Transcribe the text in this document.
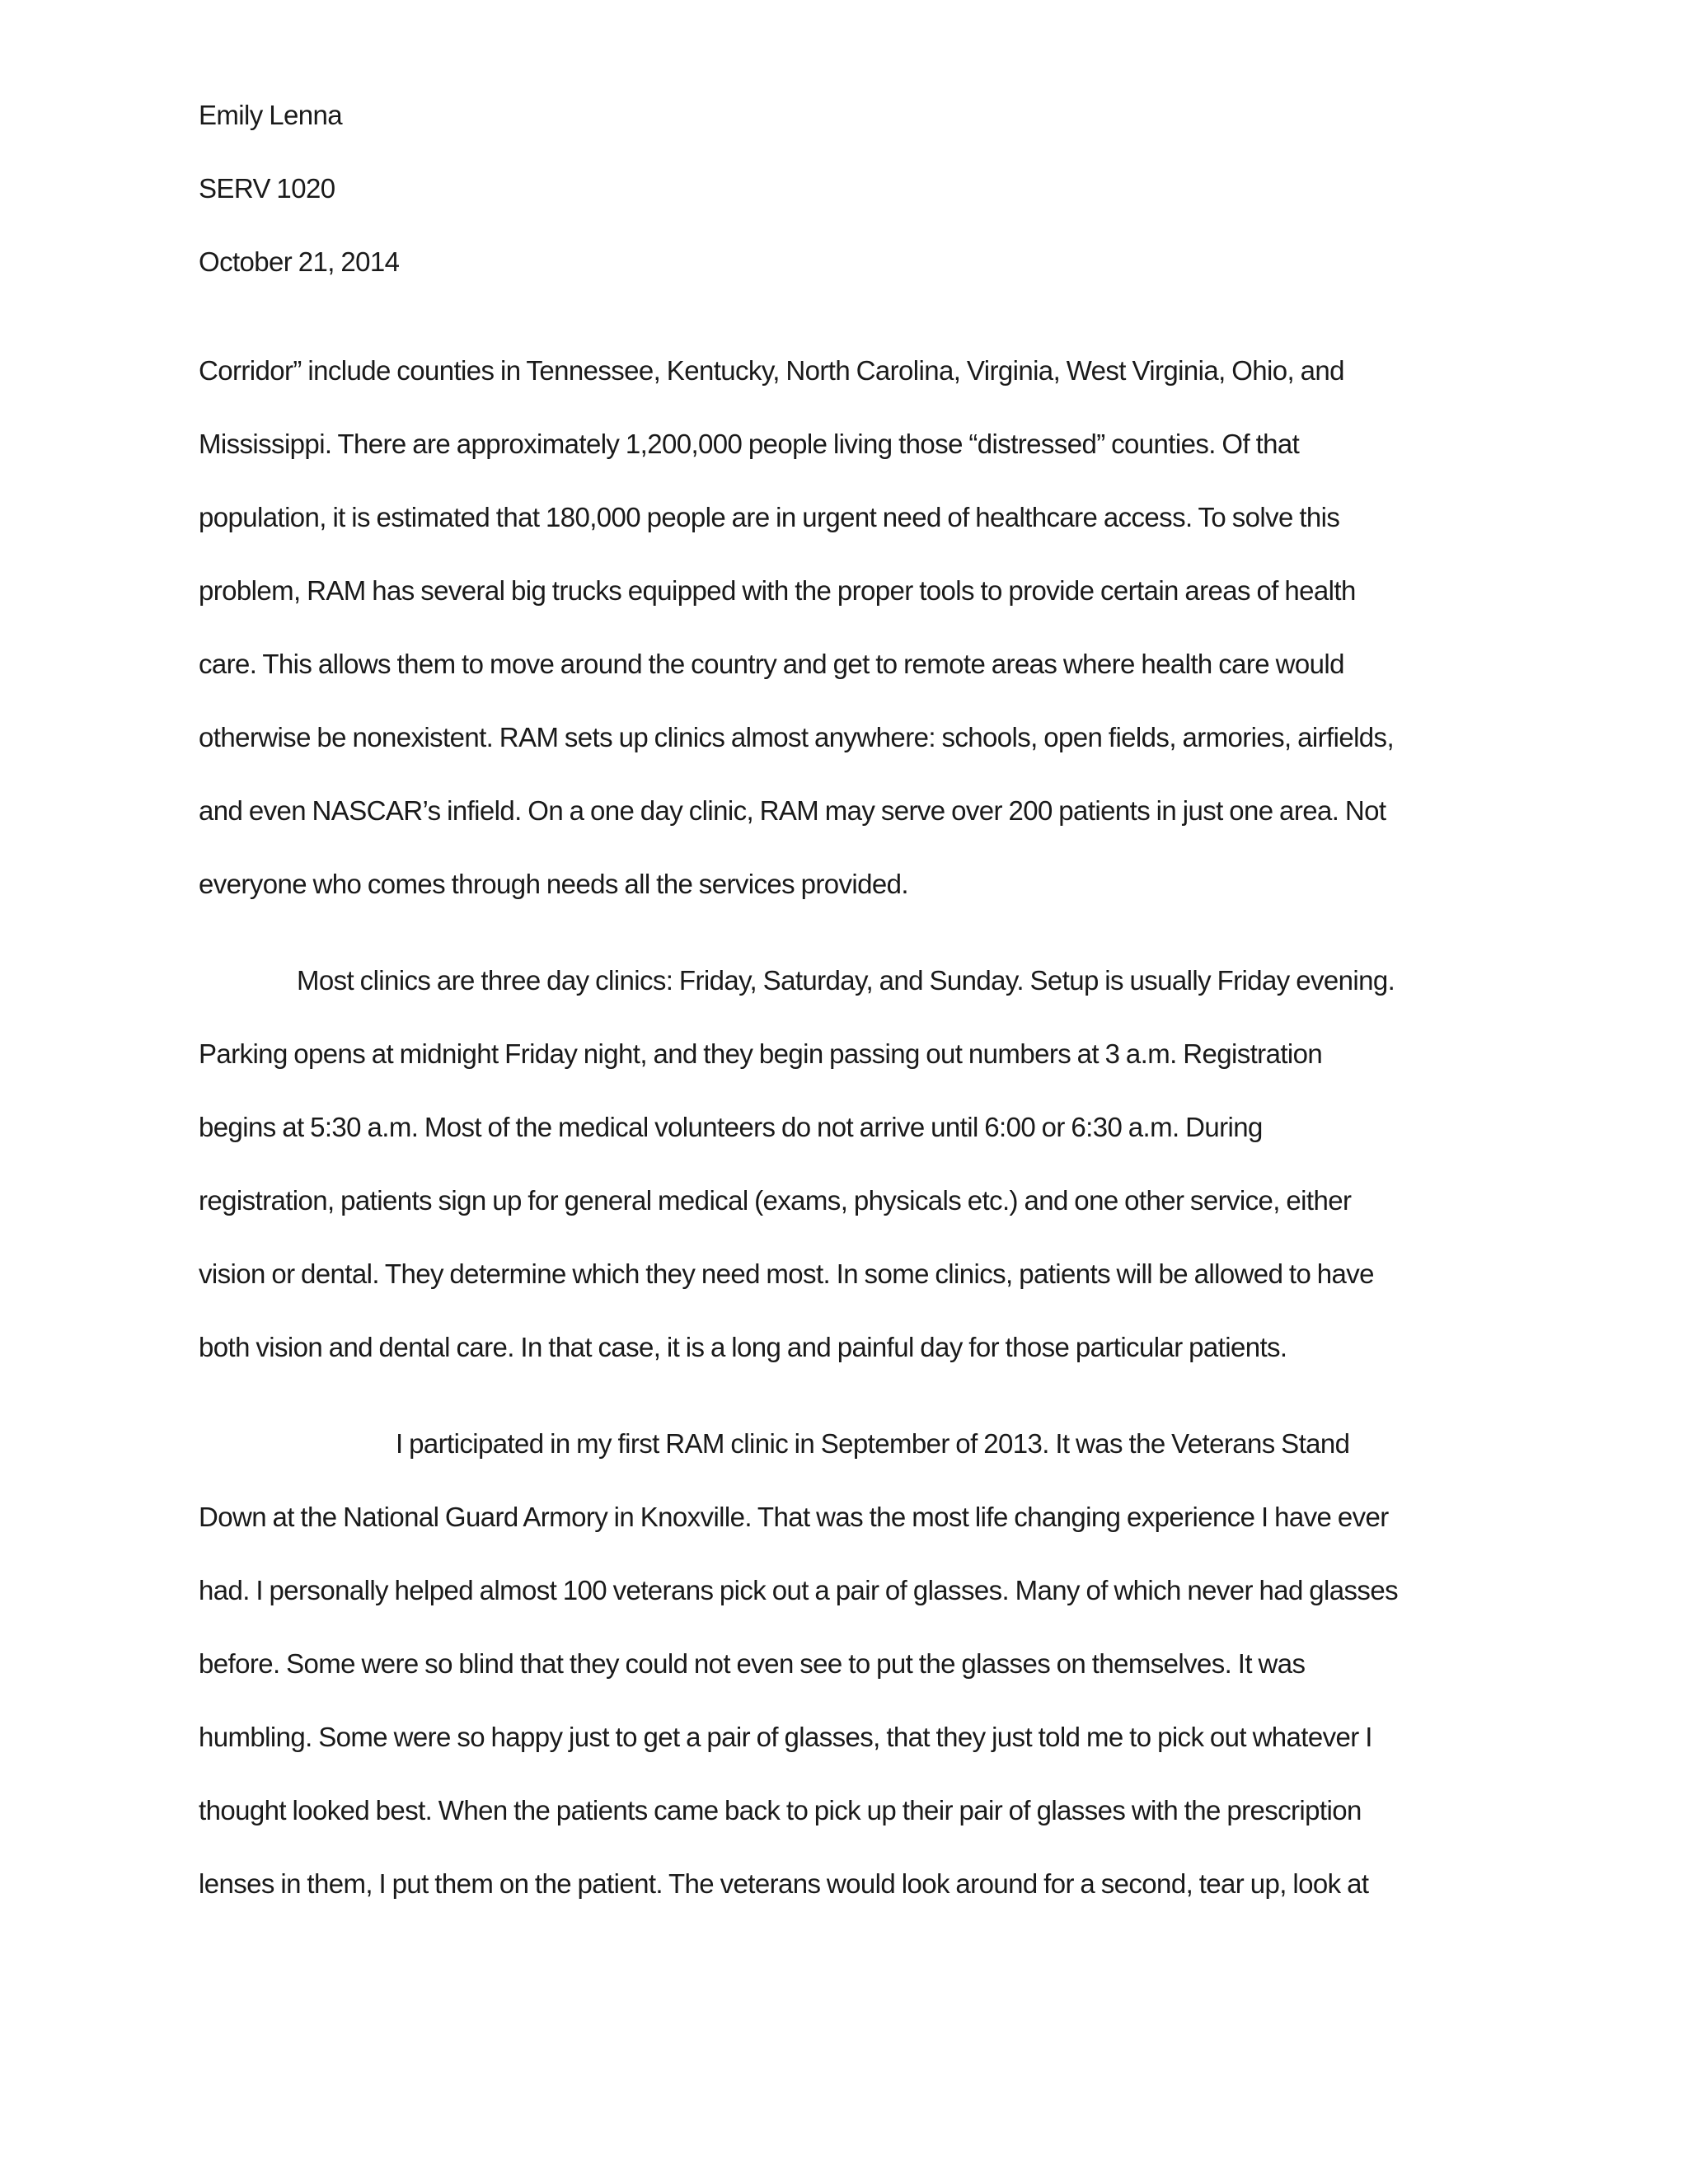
Emily Lenna
SERV 1020
October 21, 2014
Corridor” include counties in Tennessee, Kentucky, North Carolina, Virginia, West Virginia, Ohio, and
Mississippi. There are approximately 1,200,000 people living those “distressed” counties. Of that
population, it is estimated that 180,000 people are in urgent need of healthcare access. To solve this
problem, RAM has several big trucks equipped with the proper tools to provide certain areas of health
care. This allows them to move around the country and get to remote areas where health care would
otherwise be nonexistent. RAM sets up clinics almost anywhere: schools, open fields, armories, airfields,
and even NASCAR’s infield. On a one day clinic, RAM may serve over 200 patients in just one area. Not
everyone who comes through needs all the services provided.
Most clinics are three day clinics: Friday, Saturday, and Sunday. Setup is usually Friday evening.
Parking opens at midnight Friday night, and they begin passing out numbers at 3 a.m. Registration
begins at 5:30 a.m. Most of the medical volunteers do not arrive until 6:00 or 6:30 a.m. During
registration, patients sign up for general medical (exams, physicals etc.) and one other service, either
vision or dental. They determine which they need most. In some clinics, patients will be allowed to have
both vision and dental care. In that case, it is a long and painful day for those particular patients.
I participated in my first RAM clinic in September of 2013. It was the Veterans Stand
Down at the National Guard Armory in Knoxville. That was the most life changing experience I have ever
had. I personally helped almost 100 veterans pick out a pair of glasses. Many of which never had glasses
before. Some were so blind that they could not even see to put the glasses on themselves. It was
humbling. Some were so happy just to get a pair of glasses, that they just told me to pick out whatever I
thought looked best. When the patients came back to pick up their pair of glasses with the prescription
lenses in them, I put them on the patient. The veterans would look around for a second, tear up, look at
